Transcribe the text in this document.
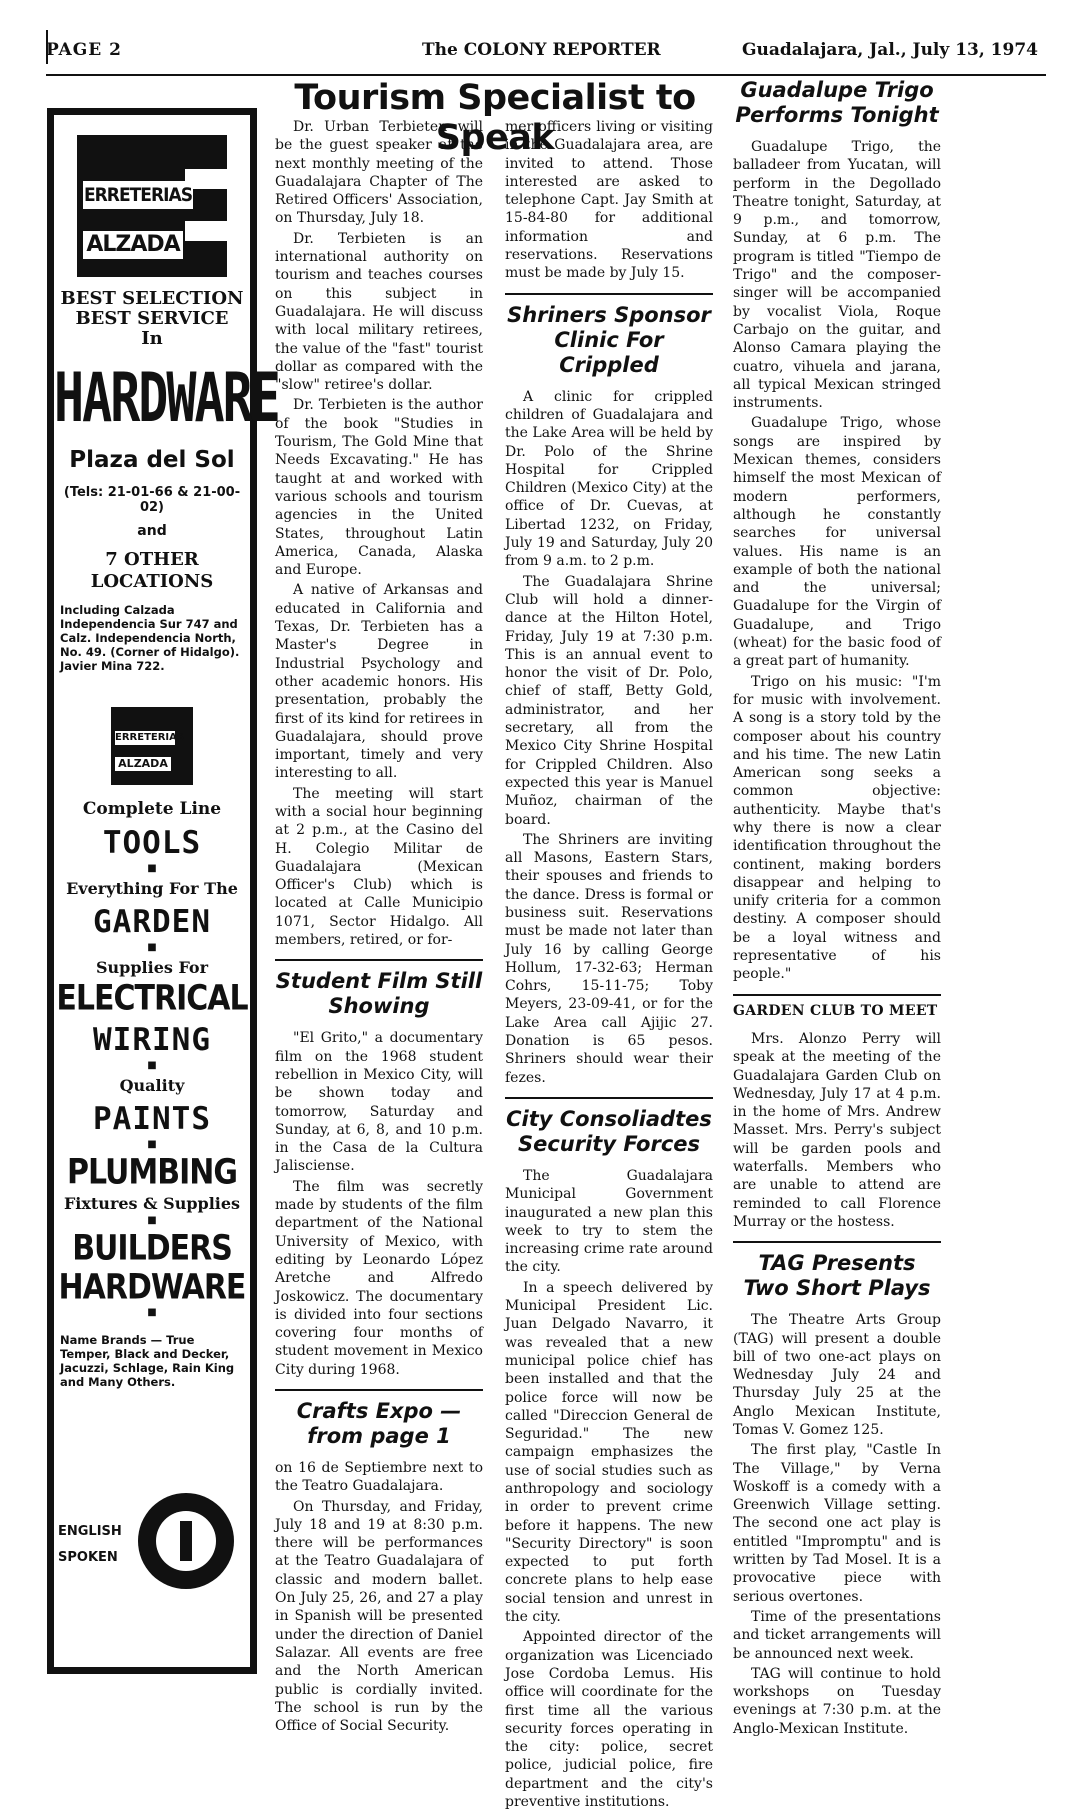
PAGE 2	The COLONY REPORTER	Guadalajara, Jal., July 13, 1974
ERRETERIAS
ALZADA
BEST SELECTION
BEST SERVICE
In
HARDWARE
Plaza del Sol
(Tels: 21-01-66 & 21-00-02)
and
7 OTHER
LOCATIONS
Including Calzada Independencia Sur 747 and Calz. Independencia North, No. 49. (Corner of Hidalgo). Javier Mina 722.
ERRETERIAS
ALZADA
Complete Line
TOOLS
■
Everything For The
GARDEN
■
Supplies For
ELECTRICAL
WIRING
■
Quality
PAINTS
■
PLUMBING
Fixtures & Supplies
■
BUILDERS
HARDWARE
■
Name Brands — True Temper, Black and Decker, Jacuzzi, Schlage, Rain King and Many Others.
ENGLISH
SPOKEN
Tourism Specialist to Speak

Dr. Urban Terbieten will be the guest speaker at the next monthly meeting of the Guadalajara Chapter of The Retired Officers' Association, on Thursday, July 18.

Dr. Terbieten is an international authority on tourism and teaches courses on this subject in Guadalajara. He will discuss with local military retirees, the value of the "fast" tourist dollar as compared with the "slow" retiree's dollar.

Dr. Terbieten is the author of the book "Studies in Tourism, The Gold Mine that Needs Excavating." He has taught at and worked with various schools and tourism agencies in the United States, throughout Latin America, Canada, Alaska and Europe.

A native of Arkansas and educated in California and Texas, Dr. Terbieten has a Master's Degree in Industrial Psychology and other academic honors. His presentation, probably the first of its kind for retirees in Guadalajara, should prove important, timely and very interesting to all.

The meeting will start with a social hour beginning at 2 p.m., at the Casino del H. Colegio Militar de Guadalajara (Mexican Officer's Club) which is located at Calle Municipio 1071, Sector Hidalgo. All members, retired, or for-

Student Film Still Showing

"El Grito," a documentary film on the 1968 student rebellion in Mexico City, will be shown today and tomorrow, Saturday and Sunday, at 6, 8, and 10 p.m. in the Casa de la Cultura Jalisciense.

The film was secretly made by students of the film department of the National University of Mexico, with editing by Leonardo López Aretche and Alfredo Joskowicz. The documentary is divided into four sections covering four months of student movement in Mexico City during 1968.

Crafts Expo — from page 1

on 16 de Septiembre next to the Teatro Guadalajara.

On Thursday, and Friday, July 18 and 19 at 8:30 p.m. there will be performances at the Teatro Guadalajara of classic and modern ballet. On July 25, 26, and 27 a play in Spanish will be presented under the direction of Daniel Salazar. All events are free and the North American public is cordially invited. The school is run by the Office of Social Security.

mer officers living or visiting in the Guadalajara area, are invited to attend. Those interested are asked to telephone Capt. Jay Smith at 15-84-80 for additional information and reservations. Reservations must be made by July 15.

Shriners Sponsor Clinic For Crippled

A clinic for crippled children of Guadalajara and the Lake Area will be held by Dr. Polo of the Shrine Hospital for Crippled Children (Mexico City) at the office of Dr. Cuevas, at Libertad 1232, on Friday, July 19 and Saturday, July 20 from 9 a.m. to 2 p.m.

The Guadalajara Shrine Club will hold a dinner-dance at the Hilton Hotel, Friday, July 19 at 7:30 p.m. This is an annual event to honor the visit of Dr. Polo, chief of staff, Betty Gold, administrator, and her secretary, all from the Mexico City Shrine Hospital for Crippled Children. Also expected this year is Manuel Muñoz, chairman of the board.

The Shriners are inviting all Masons, Eastern Stars, their spouses and friends to the dance. Dress is formal or business suit. Reservations must be made not later than July 16 by calling George Hollum, 17-32-63; Herman Cohrs, 15-11-75; Toby Meyers, 23-09-41, or for the Lake Area call Ajijic 27. Donation is 65 pesos. Shriners should wear their fezes.

City Consoliadtes Security Forces

The Guadalajara Municipal Government inaugurated a new plan this week to try to stem the increasing crime rate around the city.

In a speech delivered by Municipal President Lic. Juan Delgado Navarro, it was revealed that a new municipal police chief has been installed and that the police force will now be called "Direccion General de Seguridad." The new campaign emphasizes the use of social studies such as anthropology and sociology in order to prevent crime before it happens. The new "Security Directory" is soon expected to put forth concrete plans to help ease social tension and unrest in the city.

Appointed director of the organization was Licenciado Jose Cordoba Lemus. His office will coordinate for the first time all the various security forces operating in the city: police, secret police, judicial police, fire department and the city's preventive institutions.

Guadalupe Trigo Performs Tonight

Guadalupe Trigo, the balladeer from Yucatan, will perform in the Degollado Theatre tonight, Saturday, at 9 p.m., and tomorrow, Sunday, at 6 p.m. The program is titled "Tiempo de Trigo" and the composer-singer will be accompanied by vocalist Viola, Roque Carbajo on the guitar, and Alonso Camara playing the cuatro, vihuela and jarana, all typical Mexican stringed instruments.

Guadalupe Trigo, whose songs are inspired by Mexican themes, considers himself the most Mexican of modern performers, although he constantly searches for universal values. His name is an example of both the national and the universal; Guadalupe for the Virgin of Guadalupe, and Trigo (wheat) for the basic food of a great part of humanity.

Trigo on his music: "I'm for music with involvement. A song is a story told by the composer about his country and his time. The new Latin American song seeks a common objective: authenticity. Maybe that's why there is now a clear identification throughout the continent, making borders disappear and helping to unify criteria for a common destiny. A composer should be a loyal witness and representative of his people."

GARDEN CLUB TO MEET

Mrs. Alonzo Perry will speak at the meeting of the Guadalajara Garden Club on Wednesday, July 17 at 4 p.m. in the home of Mrs. Andrew Masset. Mrs. Perry's subject will be garden pools and waterfalls. Members who are unable to attend are reminded to call Florence Murray or the hostess.

TAG Presents Two Short Plays

The Theatre Arts Group (TAG) will present a double bill of two one-act plays on Wednesday July 24 and Thursday July 25 at the Anglo Mexican Institute, Tomas V. Gomez 125.

The first play, "Castle In The Village," by Verna Woskoff is a comedy with a Greenwich Village setting. The second one act play is entitled "Impromptu" and is written by Tad Mosel. It is a provocative piece with serious overtones.

Time of the presentations and ticket arrangements will be announced next week.

TAG will continue to hold workshops on Tuesday evenings at 7:30 p.m. at the Anglo-Mexican Institute.
